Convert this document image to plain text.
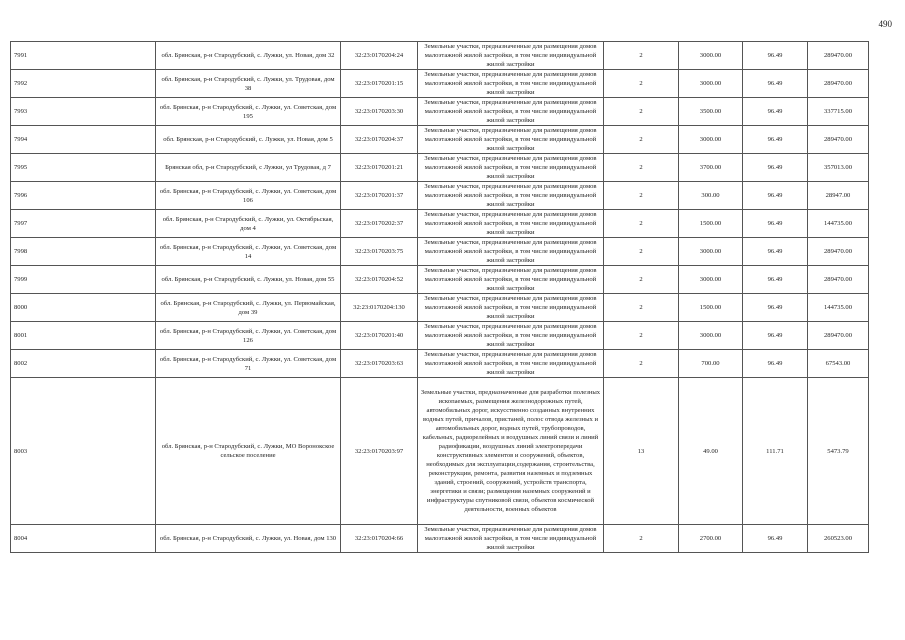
490
7991	обл. Брянская, р-н Стародубский, с. Лужки, ул. Новая, дом 32	32:23:0170204:24	Земельные участки, предназначенные для размещения домов малоэтажной жилой застройки, в том числе индивидуальной жилой застройки	2	3000.00	96.49	289470.00
7992	обл. Брянская, р-н Стародубский, с. Лужки, ул. Трудовая, дом 38	32:23:0170201:15	Земельные участки, предназначенные для размещения домов малоэтажной жилой застройки, в том числе индивидуальной жилой застройки	2	3000.00	96.49	289470.00
7993	обл. Брянская, р-н Стародубский, с. Лужки, ул. Советская, дом 195	32:23:0170203:30	Земельные участки, предназначенные для размещения домов малоэтажной жилой застройки, в том числе индивидуальной жилой застройки	2	3500.00	96.49	337715.00
7994	обл. Брянская, р-н Стародубский, с. Лужки, ул. Новая, дом 5	32:23:0170204:37	Земельные участки, предназначенные для размещения домов малоэтажной жилой застройки, в том числе индивидуальной жилой застройки	2	3000.00	96.49	289470.00
7995	Брянская обл, р-н Стародубский, с Лужки, ул Трудовая, д 7	32:23:0170201:21	Земельные участки, предназначенные для размещения домов малоэтажной жилой застройки, в том числе индивидуальной жилой застройки	2	3700.00	96.49	357013.00
7996	обл. Брянская, р-н Стародубский, с. Лужки, ул. Советская, дом 106	32:23:0170201:37	Земельные участки, предназначенные для размещения домов малоэтажной жилой застройки, в том числе индивидуальной жилой застройки	2	300.00	96.49	28947.00
7997	обл. Брянская, р-н Стародубский, с. Лужки, ул. Октябрьская, дом 4	32:23:0170202:37	Земельные участки, предназначенные для размещения домов малоэтажной жилой застройки, в том числе индивидуальной жилой застройки	2	1500.00	96.49	144735.00
7998	обл. Брянская, р-н Стародубский, с. Лужки, ул. Советская, дом 14	32:23:0170203:75	Земельные участки, предназначенные для размещения домов малоэтажной жилой застройки, в том числе индивидуальной жилой застройки	2	3000.00	96.49	289470.00
7999	обл. Брянская, р-н Стародубский, с. Лужки, ул. Новая, дом 55	32:23:0170204:52	Земельные участки, предназначенные для размещения домов малоэтажной жилой застройки, в том числе индивидуальной жилой застройки	2	3000.00	96.49	289470.00
8000	обл. Брянская, р-н Стародубский, с. Лужки, ул. Первомайская, дом 39	32:23:0170204:130	Земельные участки, предназначенные для размещения домов малоэтажной жилой застройки, в том числе индивидуальной жилой застройки	2	1500.00	96.49	144735.00
8001	обл. Брянская, р-н Стародубский, с. Лужки, ул. Советская, дом 126	32:23:0170201:40	Земельные участки, предназначенные для размещения домов малоэтажной жилой застройки, в том числе индивидуальной жилой застройки	2	3000.00	96.49	289470.00
8002	обл. Брянская, р-н Стародубский, с. Лужки, ул. Советская, дом 71	32:23:0170203:63	Земельные участки, предназначенные для размещения домов малоэтажной жилой застройки, в том числе индивидуальной жилой застройки	2	700.00	96.49	67543.00
8003	обл. Брянская, р-н Стародубский, с. Лужки, МО Воронокское сельское поселение	32:23:0170203:97	Земельные участки, предназначенные для разработки полезных ископаемых, размещения железнодорожных путей, автомобильных дорог, искусственно созданных внутренних водных путей, причалов, пристаней, полос отвода железных и автомобильных дорог, водных путей, трубопроводов, кабельных, радиорелейных и воздушных линий связи и линий радиофикации, воздушных линий электропередачи конструктивных элементов и сооружений, объектов, необходимых для эксплуатации,содержания, строительства, реконструкции, ремонта, развития наземных и подземных зданий, строений, сооружений, устройств транспорта, энергетики и связи; размещения наземных сооружений и инфраструктуры спутниковой связи, объектов космической деятельности, военных объектов	13	49.00	111.71	5473.79
8004	обл. Брянская, р-н Стародубский, с. Лужки, ул. Новая, дом 130	32:23:0170204:66	Земельные участки, предназначенные для размещения домов малоэтажной жилой застройки, в том числе индивидуальной жилой застройки	2	2700.00	96.49	260523.00
